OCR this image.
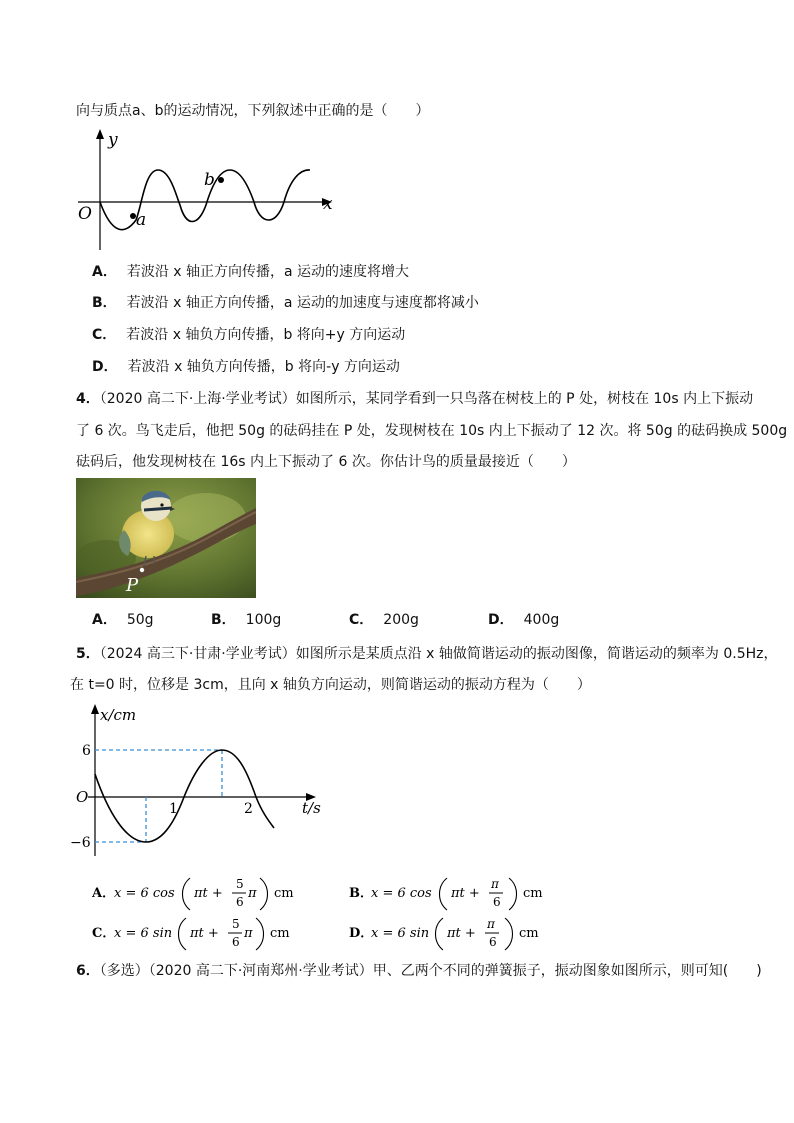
向与质点a、b的运动情况，下列叙述中正确的是（　　）
y
x
O	a
b
A． 若波沿 x 轴正方向传播，a 运动的速度将增大
B． 若波沿 x 轴正方向传播，a 运动的加速度与速度都将减小
C． 若波沿 x 轴负方向传播，b 将向+y 方向运动
D． 若波沿 x 轴负方向传播，b 将向-y 方向运动
4．（2020 高二下·上海·学业考试）如图所示，某同学看到一只鸟落在树枝上的 P 处，树枝在 10s 内上下振动
了 6 次。鸟飞走后，他把 50g 的砝码挂在 P 处，发现树枝在 10s 内上下振动了 12 次。将 50g 的砝码换成 500g
砝码后，他发现树枝在 16s 内上下振动了 6 次。你估计鸟的质量最接近（　　）
P
A． 50g	B． 100g	C． 200g	D． 400g
5．（2024 高三下·甘肃·学业考试）如图所示是某质点沿 x 轴做简谐运动的振动图像，简谐运动的频率为 0.5Hz，
在 t=0 时，位移是 3cm，且向 x 轴负方向运动，则简谐运动的振动方程为（　　）
x/cm
t/s
O
6
−6
1	2
A．
x = 6 cos πt +
5
6
π cm	B．
x = 6 cos πt +
π
6
cm
C．
x = 6 sin πt +
5
6
π cm	D．
x = 6 sin πt +
π
6
cm
6．（多选）（2020 高二下·河南郑州·学业考试）甲、乙两个不同的弹簧振子，振动图象如图所示，则可知(　　)
